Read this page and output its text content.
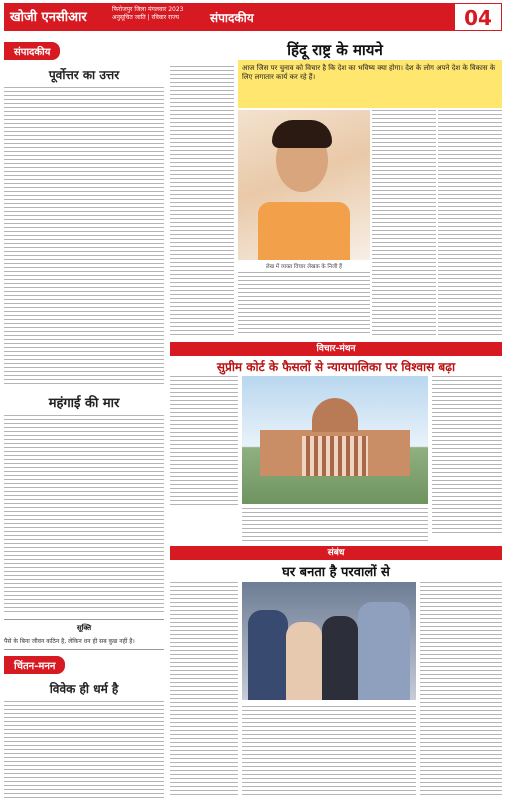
खोजी एनसीआर
फिरोजपुर जिला मंगलवार 2023
अनुसूचित जाति | रविवार राज्य	संपादकीय	04
संपादकीय
पूर्वोत्तर का उत्तर
महंगाई की मार
सूक्ति
पैसे के बिना जीवन कठिन है, लेकिन धन ही सब कुछ नहीं है।
चिंतन-मनन
विवेक ही धर्म है
हिंदू राष्ट्र के मायने
आज जिस पर चुनाव को विचार है कि देश का भविष्य क्या होगा। देश के लोग अपने देश के विकास के लिए लगातार कार्य कर रहे हैं।
लेख में व्यक्त विचार लेखक के निजी हैं
विचार-मंथन
सुप्रीम कोर्ट के फैसलों से न्यायपालिका पर विश्वास बढ़ा
संबंध
घर बनता है परवालों से
